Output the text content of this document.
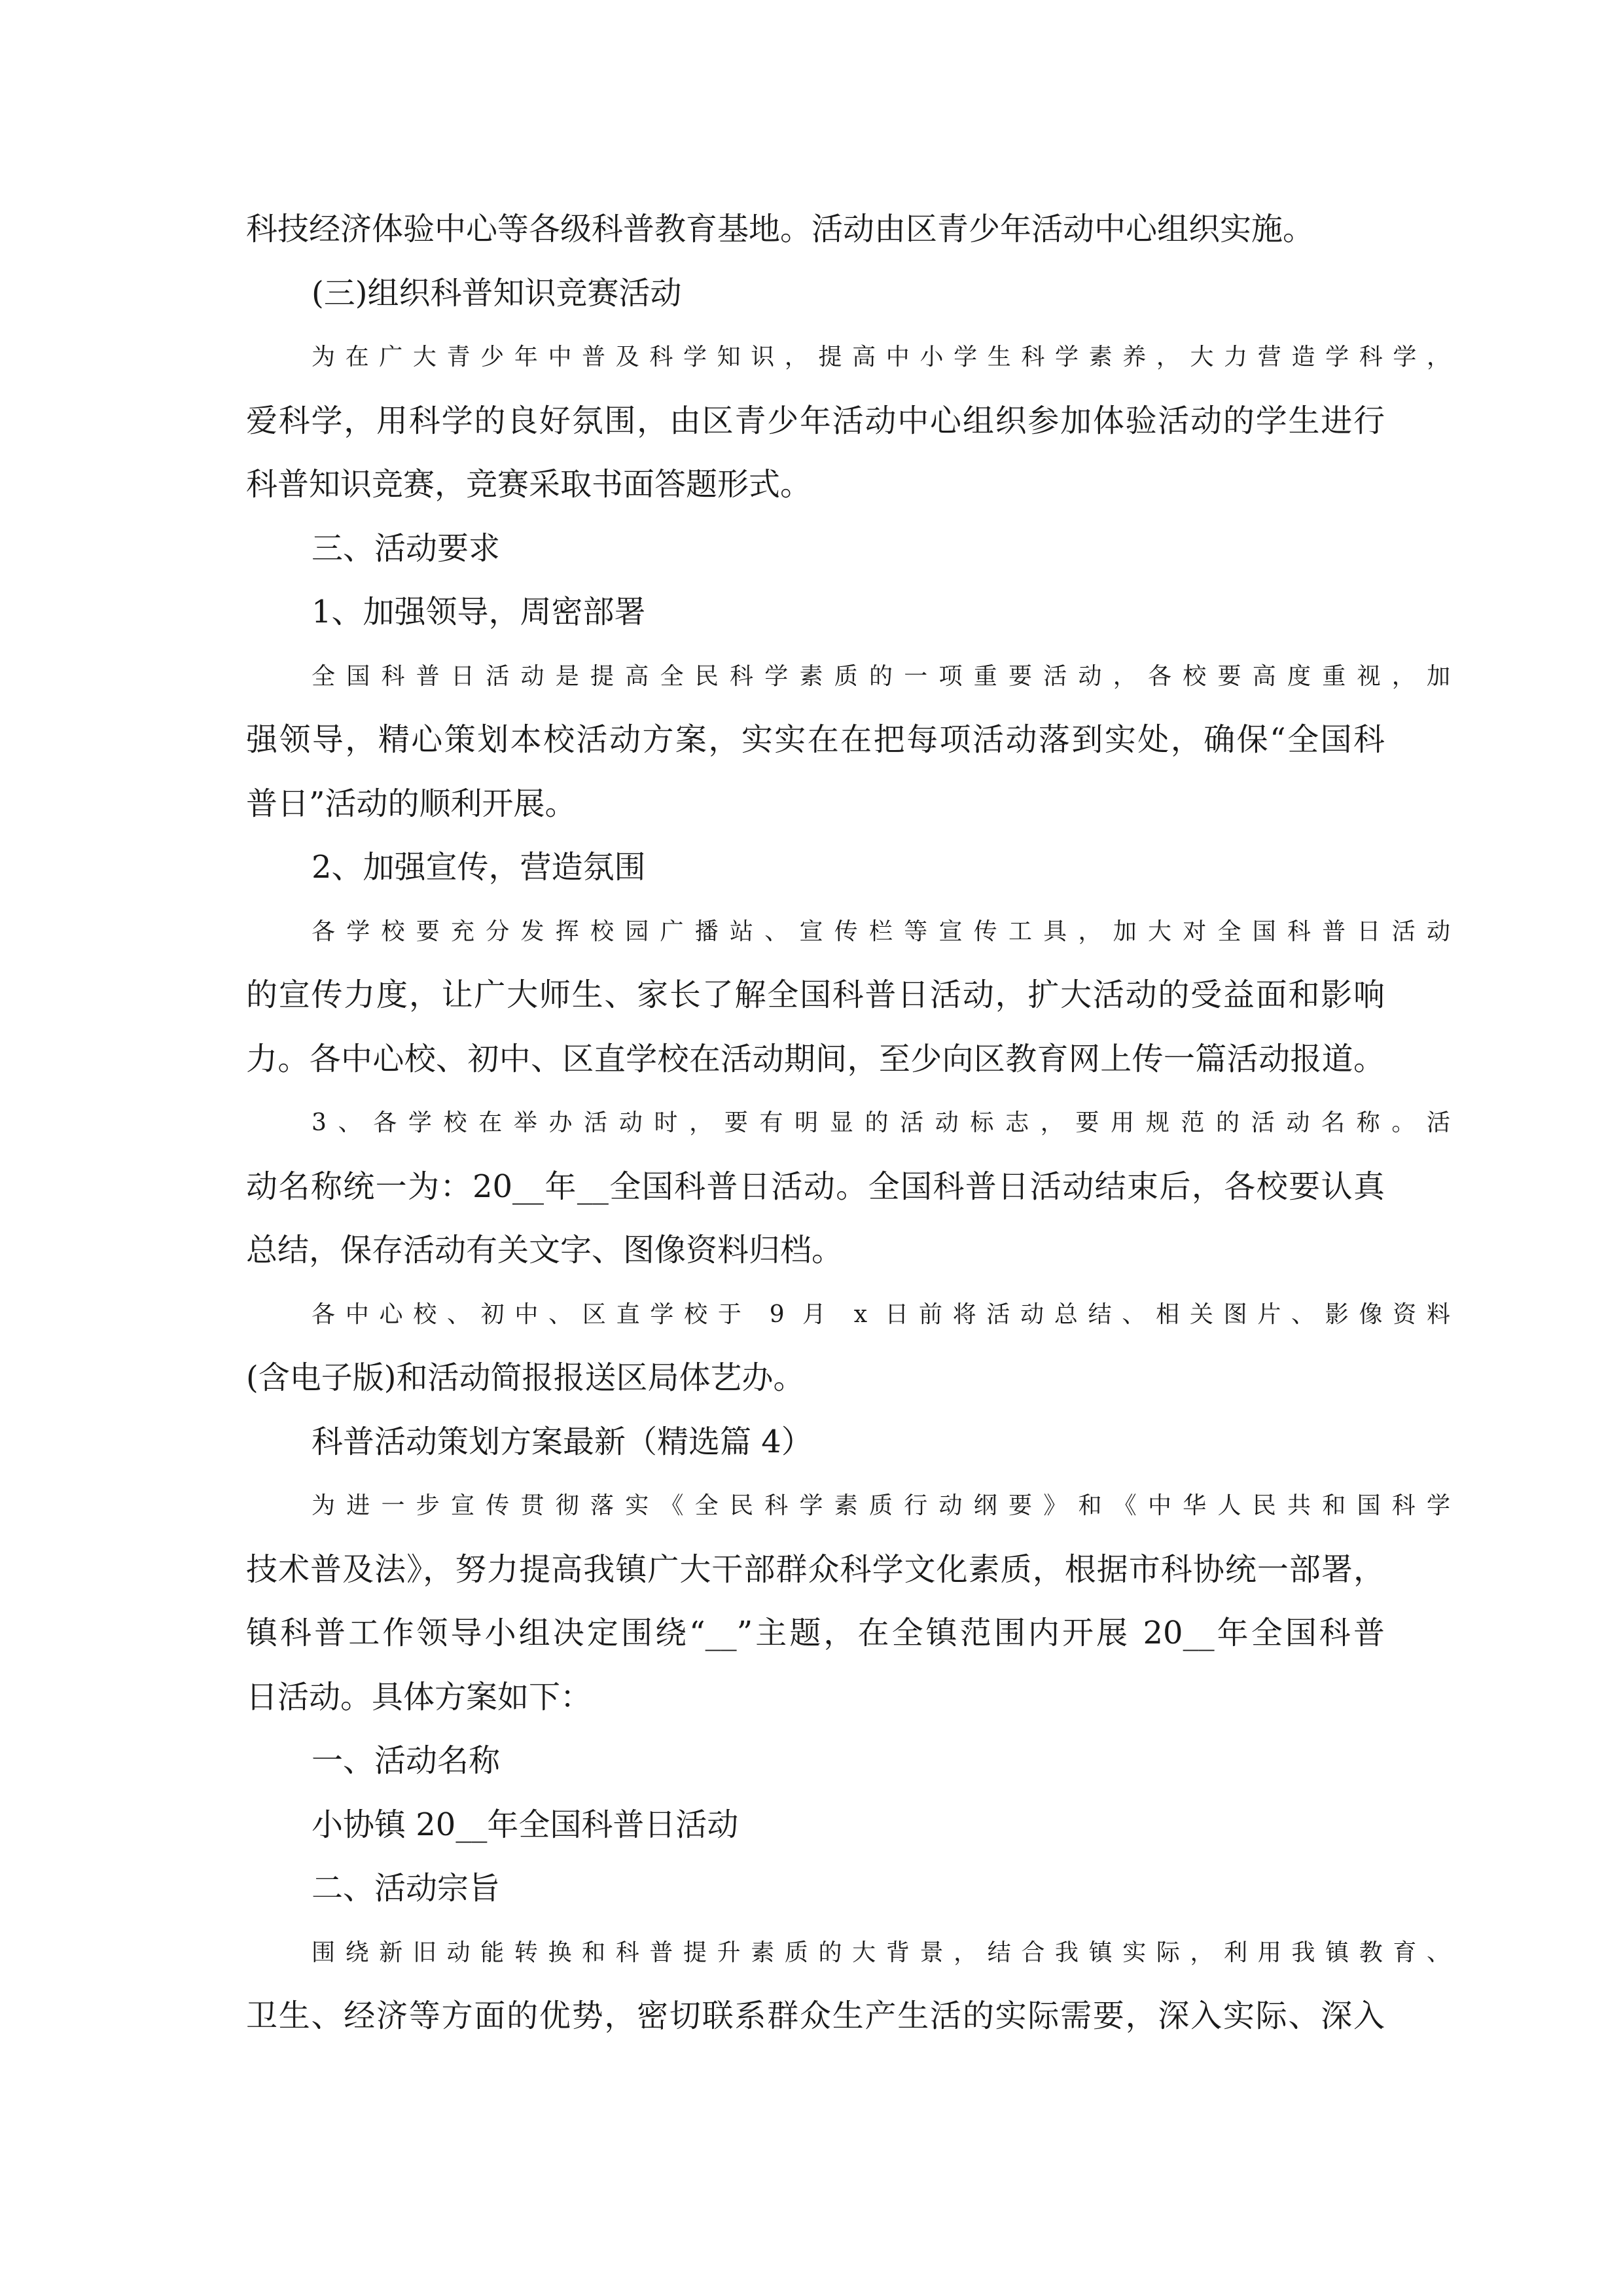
科技经济体验中心等各级科普教育基地。活动由区青少年活动中心组织实施。
(三)组织科普知识竞赛活动
为在广大青少年中普及科学知识，提高中小学生科学素养，大力营造学科学，
爱科学，用科学的良好氛围，由区青少年活动中心组织参加体验活动的学生进行
科普知识竞赛，竞赛采取书面答题形式。
三、活动要求
1、加强领导，周密部署
全国科普日活动是提高全民科学素质的一项重要活动，各校要高度重视，加
强领导，精心策划本校活动方案，实实在在把每项活动落到实处，确保“全国科
普日”活动的顺利开展。
2、加强宣传，营造氛围
各学校要充分发挥校园广播站、宣传栏等宣传工具，加大对全国科普日活动
的宣传力度，让广大师生、家长了解全国科普日活动，扩大活动的受益面和影响
力。各中心校、初中、区直学校在活动期间，至少向区教育网上传一篇活动报道。
3、各学校在举办活动时，要有明显的活动标志，要用规范的活动名称。活
动名称统一为：20__年__全国科普日活动。全国科普日活动结束后，各校要认真
总结，保存活动有关文字、图像资料归档。
各中心校、初中、区直学校于 9 月 x 日前将活动总结、相关图片、影像资料
(含电子版)和活动简报报送区局体艺办。
科普活动策划方案最新（精选篇 4）
为进一步宣传贯彻落实《全民科学素质行动纲要》和《中华人民共和国科学
技术普及法》，努力提高我镇广大干部群众科学文化素质，根据市科协统一部署，
镇科普工作领导小组决定围绕“__”主题，在全镇范围内开展 20__年全国科普
日活动。具体方案如下：
一、活动名称
小协镇 20__年全国科普日活动
二、活动宗旨
围绕新旧动能转换和科普提升素质的大背景，结合我镇实际，利用我镇教育、
卫生、经济等方面的优势，密切联系群众生产生活的实际需要，深入实际、深入
